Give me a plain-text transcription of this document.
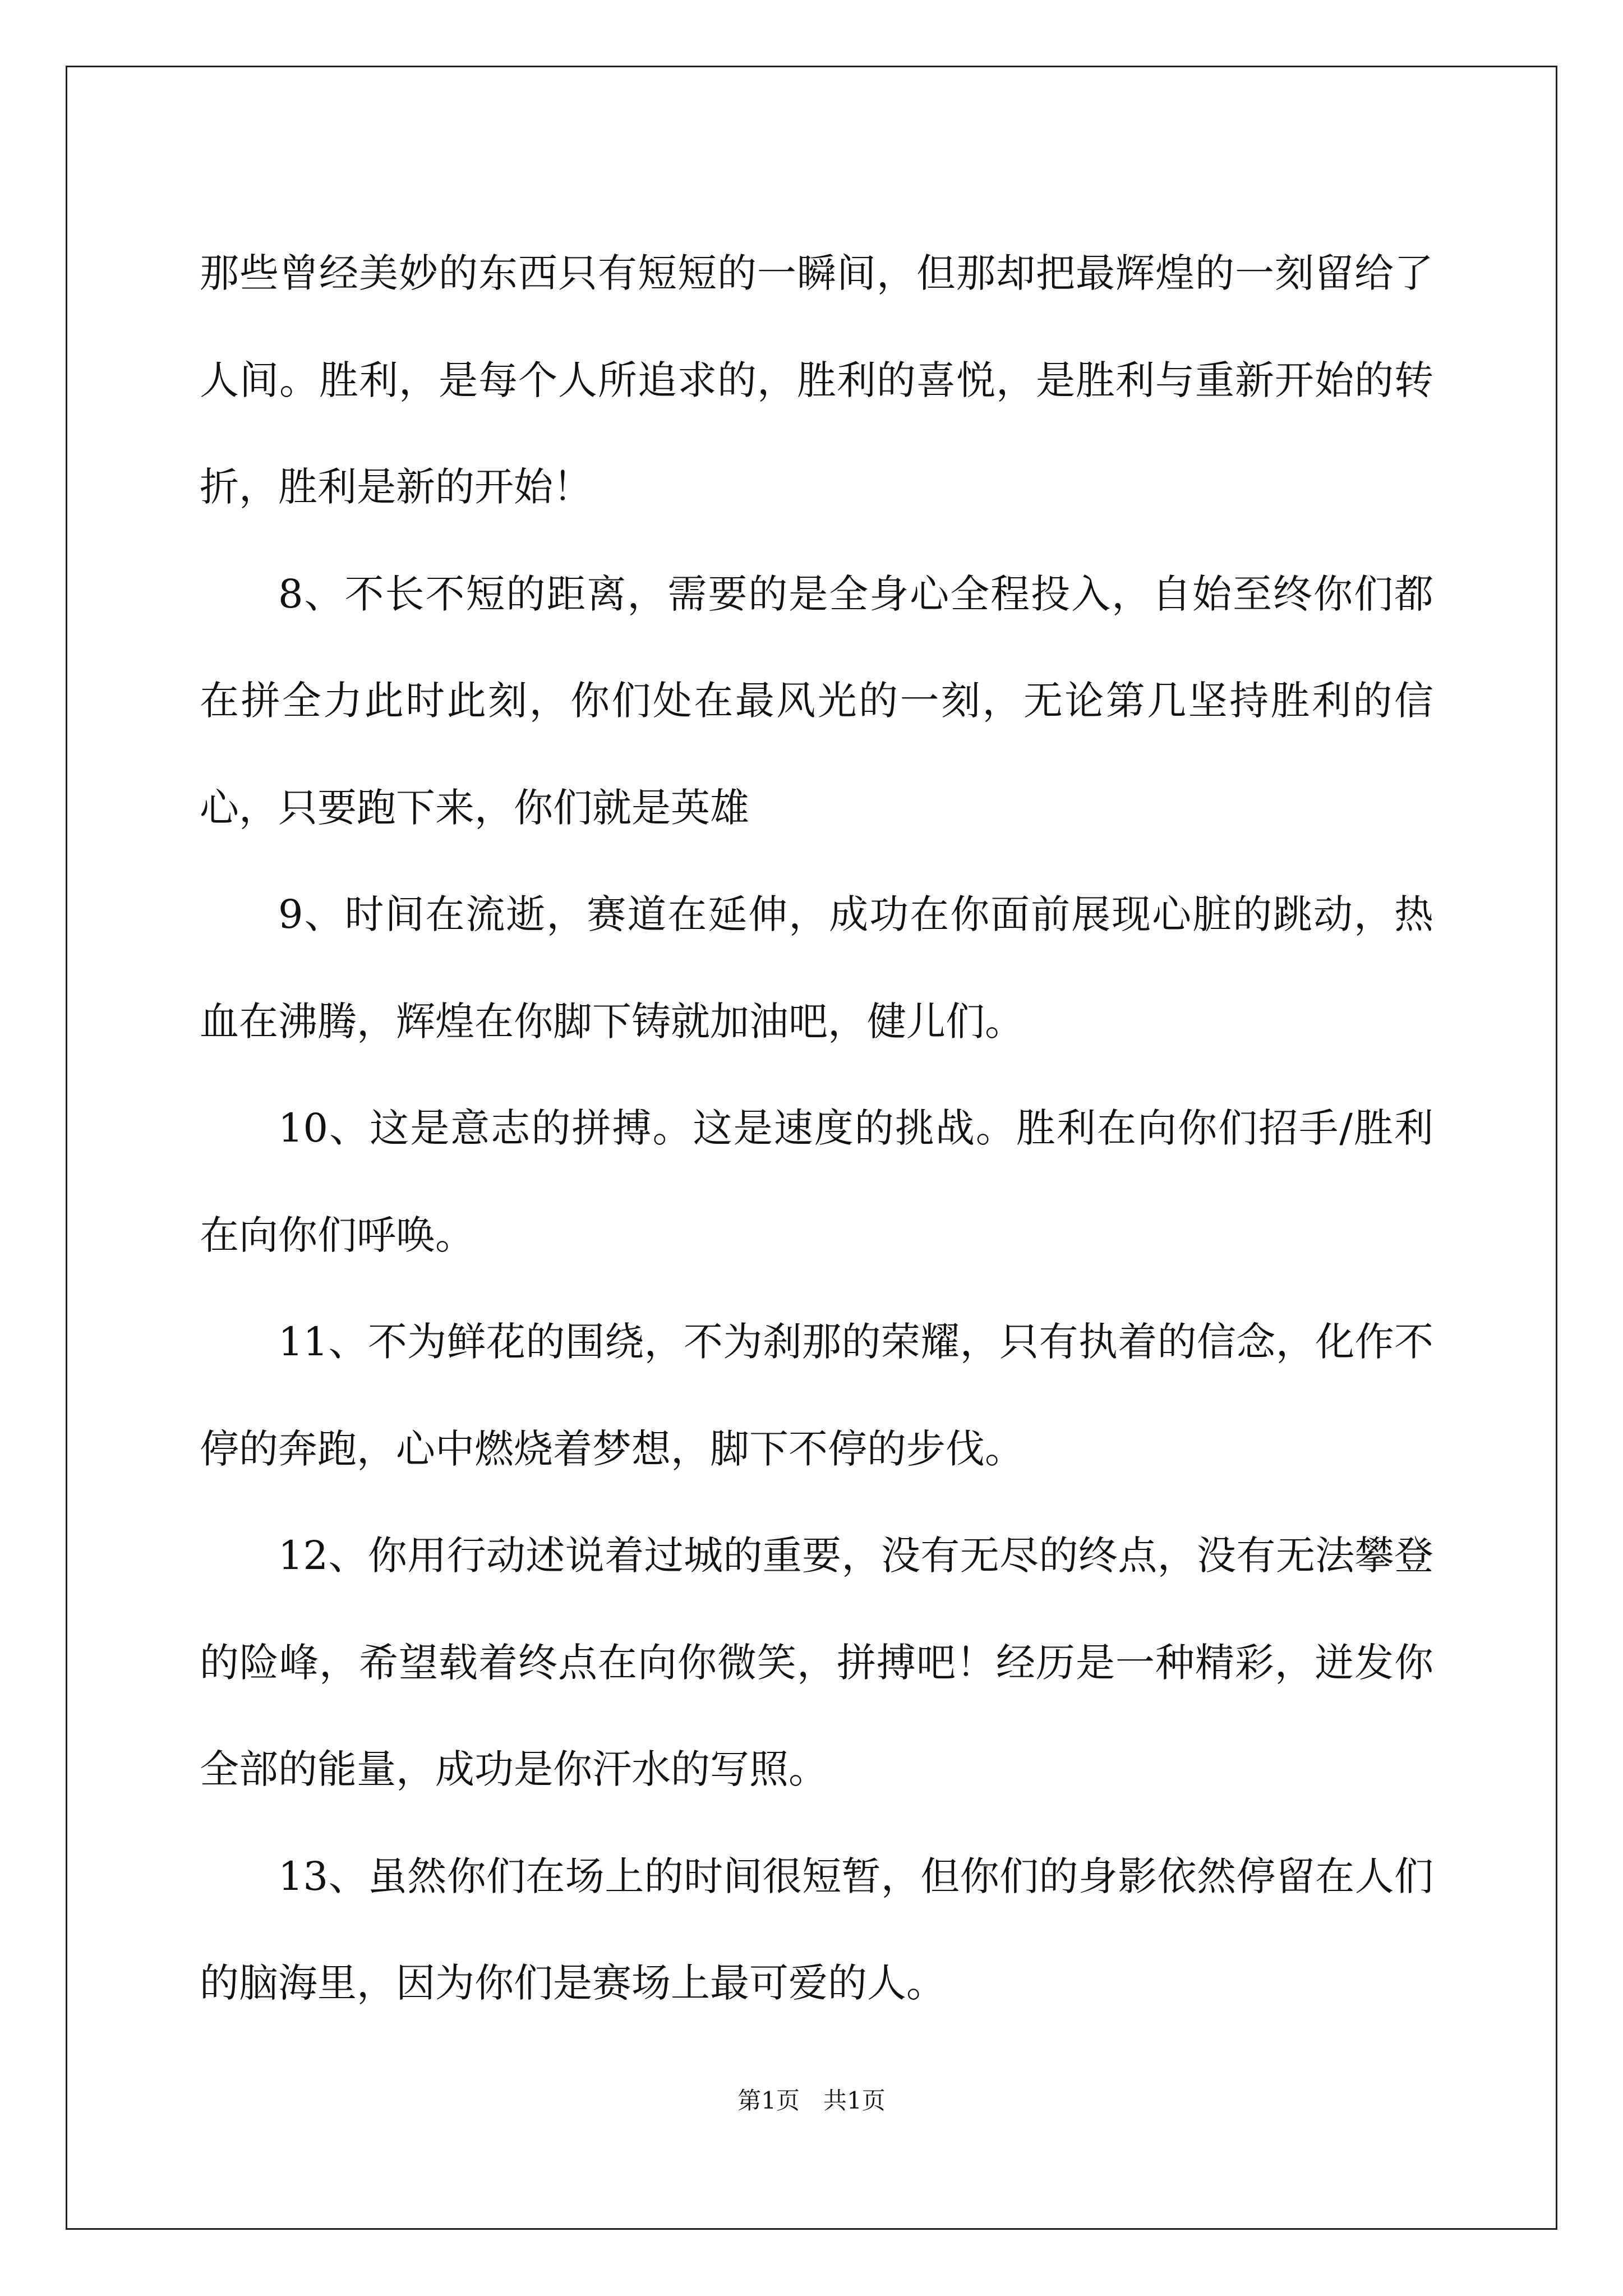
那些曾经美妙的东西只有短短的一瞬间，但那却把最辉煌的一刻留给了人间。胜利，是每个人所追求的，胜利的喜悦，是胜利与重新开始的转折，胜利是新的开始！

8、不长不短的距离，需要的是全身心全程投入，自始至终你们都在拼全力此时此刻，你们处在最风光的一刻，无论第几坚持胜利的信心，只要跑下来，你们就是英雄

9、时间在流逝，赛道在延伸，成功在你面前展现心脏的跳动，热血在沸腾，辉煌在你脚下铸就加油吧，健儿们。

10、这是意志的拼搏。这是速度的挑战。胜利在向你们招手/胜利在向你们呼唤。

11、不为鲜花的围绕，不为刹那的荣耀，只有执着的信念，化作不停的奔跑，心中燃烧着梦想，脚下不停的步伐。

12、你用行动述说着过城的重要，没有无尽的终点，没有无法攀登的险峰，希望载着终点在向你微笑，拼搏吧！经历是一种精彩，迸发你全部的能量，成功是你汗水的写照。

13、虽然你们在场上的时间很短暂，但你们的身影依然停留在人们的脑海里，因为你们是赛场上最可爱的人。

第1页　共1页
